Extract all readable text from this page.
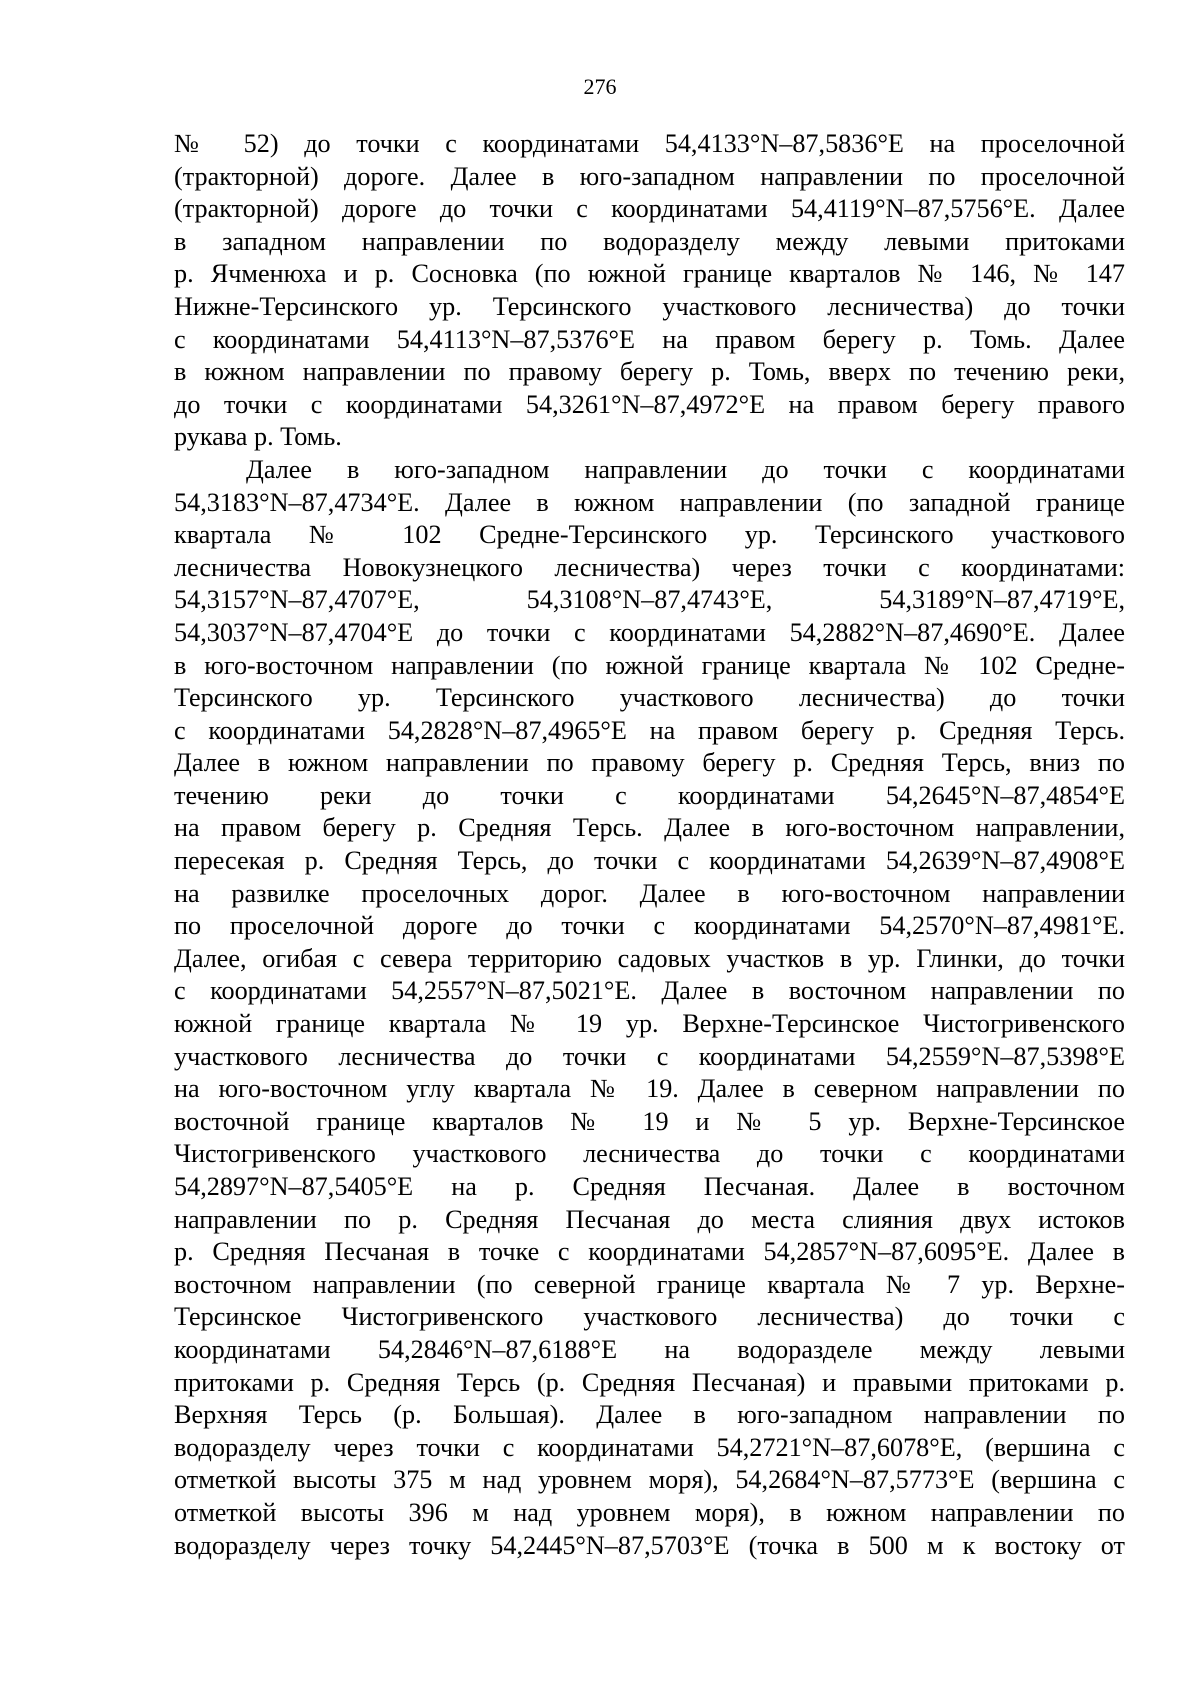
276
№ 52) до точки с координатами 54,4133°N–87,5836°E на проселочной
(тракторной) дороге. Далее в юго-западном направлении по проселочной
(тракторной) дороге до точки с координатами 54,4119°N–87,5756°E. Далее
в западном направлении по водоразделу между левыми притоками
р. Ячменюха и р. Сосновка (по южной границе кварталов № 146, № 147
Нижне-Терсинского ур. Терсинского участкового лесничества) до точки
с координатами 54,4113°N–87,5376°E на правом берегу р. Томь. Далее
в южном направлении по правому берегу р. Томь, вверх по течению реки,
до точки с координатами 54,3261°N–87,4972°E на правом берегу правого
рукава р. Томь.
Далее в юго-западном направлении до точки с координатами
54,3183°N–87,4734°E. Далее в южном направлении (по западной границе
квартала № 102 Средне-Терсинского ур. Терсинского участкового
лесничества Новокузнецкого лесничества) через точки с координатами:
54,3157°N–87,4707°E, 54,3108°N–87,4743°E, 54,3189°N–87,4719°E,
54,3037°N–87,4704°E до точки с координатами 54,2882°N–87,4690°E. Далее
в юго-восточном направлении (по южной границе квартала № 102 Средне-
Терсинского ур. Терсинского участкового лесничества) до точки
с координатами 54,2828°N–87,4965°E на правом берегу р. Средняя Терсь.
Далее в южном направлении по правому берегу р. Средняя Терсь, вниз по
течению реки до точки с координатами 54,2645°N–87,4854°E
на правом берегу р. Средняя Терсь. Далее в юго-восточном направлении,
пересекая р. Средняя Терсь, до точки с координатами 54,2639°N–87,4908°E
на развилке проселочных дорог. Далее в юго-восточном направлении
по проселочной дороге до точки с координатами 54,2570°N–87,4981°E.
Далее, огибая с севера территорию садовых участков в ур. Глинки, до точки
с координатами 54,2557°N–87,5021°E. Далее в восточном направлении по
южной границе квартала № 19 ур. Верхне-Терсинское Чистогривенского
участкового лесничества до точки с координатами 54,2559°N–87,5398°E
на юго-восточном углу квартала № 19. Далее в северном направлении по
восточной границе кварталов № 19 и № 5 ур. Верхне-Терсинское
Чистогривенского участкового лесничества до точки с координатами
54,2897°N–87,5405°E на р. Средняя Песчаная. Далее в восточном
направлении по р. Средняя Песчаная до места слияния двух истоков
р. Средняя Песчаная в точке с координатами 54,2857°N–87,6095°E. Далее в
восточном направлении (по северной границе квартала № 7 ур. Верхне-
Терсинское Чистогривенского участкового лесничества) до точки с
координатами 54,2846°N–87,6188°E на водоразделе между левыми
притоками р. Средняя Терсь (р. Средняя Песчаная) и правыми притоками р.
Верхняя Терсь (р. Большая). Далее в юго-западном направлении по
водоразделу через точки с координатами 54,2721°N–87,6078°E, (вершина с
отметкой высоты 375 м над уровнем моря), 54,2684°N–87,5773°E (вершина с
отметкой высоты 396 м над уровнем моря), в южном направлении по
водоразделу через точку 54,2445°N–87,5703°E (точка в 500 м к востоку от
